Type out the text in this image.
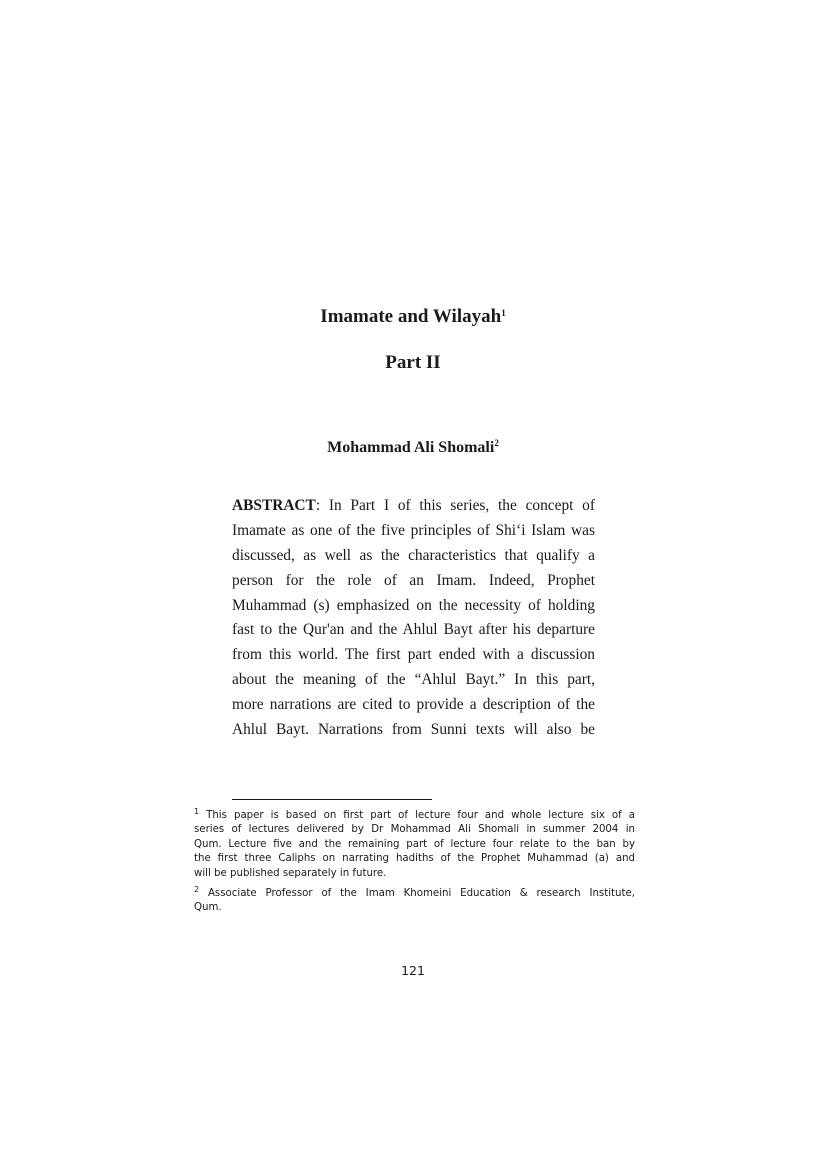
Imamate and Wilayah$^1$
Part II
Mohammad Ali Shomali$^2$
ABSTRACT: In Part I of this series, the concept of
Imamate as one of the five principles of Shi‘i Islam was
discussed, as well as the characteristics that qualify a
person for the role of an Imam. Indeed, Prophet
Muhammad (s) emphasized on the necessity of holding
fast to the Qur'an and the Ahlul Bayt after his departure
from this world. The first part ended with a discussion
about the meaning of the “Ahlul Bayt.” In this part,
more narrations are cited to provide a description of the
Ahlul Bayt. Narrations from Sunni texts will also be
$^1$ This paper is based on first part of lecture four and whole lecture six of a
series of lectures delivered by Dr Mohammad Ali Shomali in summer 2004 in
Qum. Lecture five and the remaining part of lecture four relate to the ban by
the first three Caliphs on narrating hadiths of the Prophet Muhammad (a) and
will be published separately in future.
$^2$ Associate Professor of the Imam Khomeini Education & research Institute,
Qum.
121
